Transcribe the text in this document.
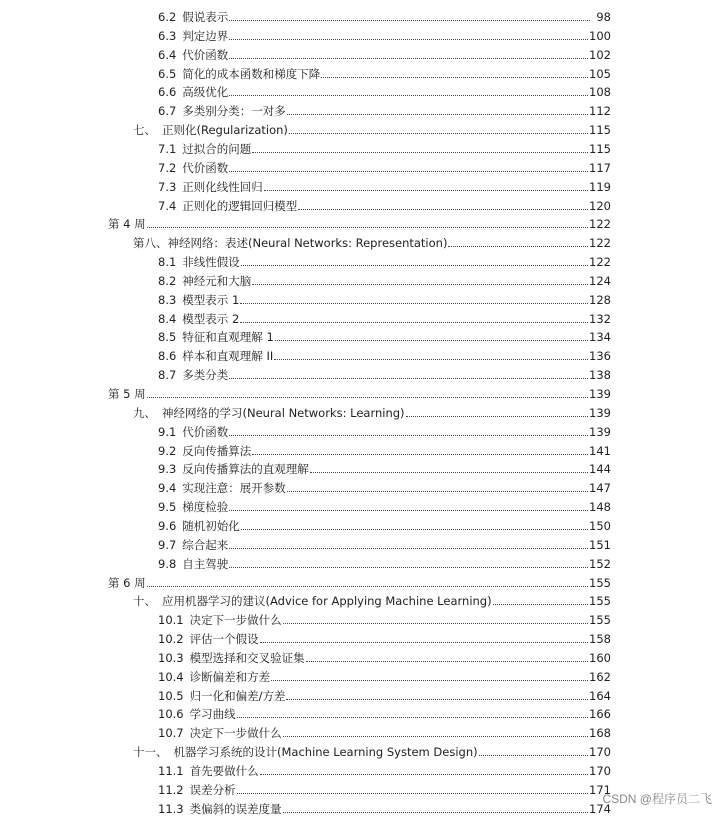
6.2 假说表示	98
6.3 判定边界	100
6.4 代价函数	102
6.5 简化的成本函数和梯度下降	105
6.6 高级优化	108
6.7 多类别分类：一对多	112
七、 正则化(Regularization)	115
7.1 过拟合的问题	115
7.2 代价函数	117
7.3 正则化线性回归	119
7.4 正则化的逻辑回归模型	120
第 4 周	122
第八、神经网络：表述(Neural Networks: Representation)	122
8.1 非线性假设	122
8.2 神经元和大脑	124
8.3 模型表示 1	128
8.4 模型表示 2	132
8.5 特征和直观理解 1	134
8.6 样本和直观理解 II	136
8.7 多类分类	138
第 5 周	139
九、 神经网络的学习(Neural Networks: Learning)	139
9.1 代价函数	139
9.2 反向传播算法	141
9.3 反向传播算法的直观理解	144
9.4 实现注意：展开参数	147
9.5 梯度检验	148
9.6 随机初始化	150
9.7 综合起来	151
9.8 自主驾驶	152
第 6 周	155
十、 应用机器学习的建议(Advice for Applying Machine Learning)	155
10.1 决定下一步做什么	155
10.2 评估一个假设	158
10.3 模型选择和交叉验证集	160
10.4 诊断偏差和方差	162
10.5 归一化和偏差/方差	164
10.6 学习曲线	166
10.7 决定下一步做什么	168
十一、 机器学习系统的设计(Machine Learning System Design)	170
11.1 首先要做什么	170
11.2 误差分析	171
11.3 类偏斜的误差度量	174
CSDN @程序员二飞
